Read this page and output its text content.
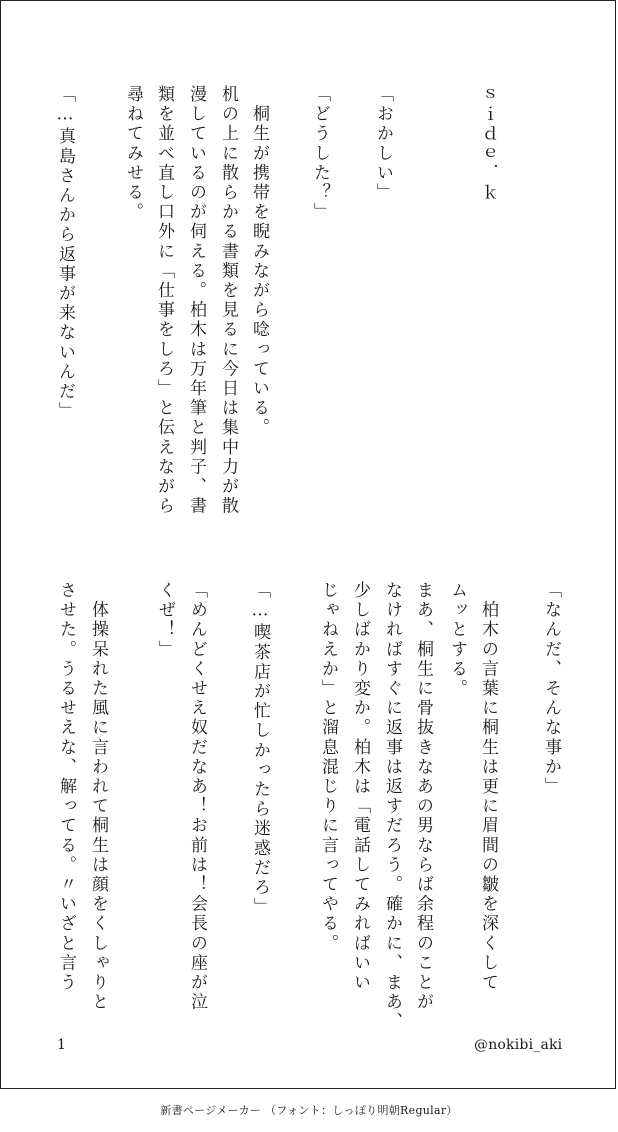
ｓｉｄｅ．ｋ
「おかしい」
「どうした？」
　桐生が携帯を睨みながら唸っている。
机の上に散らかる書類を見るに今日は集中力が散
漫しているのが伺える。柏木は万年筆と判子、書
類を並べ直し口外に「仕事をしろ」と伝えながら
尋ねてみせる。
「…真島さんから返事が来ないんだ」
「なんだ、そんな事か」
　柏木の言葉に桐生は更に眉間の皺を深くして
ムッとする。
まあ、桐生に骨抜きなあの男ならば余程のことが
なければすぐに返事は返すだろう。確かに、まあ、
少しばかり変か。柏木は「電話してみればいい
じゃねえか」と溜息混じりに言ってやる。
「…喫茶店が忙しかったら迷惑だろ」
「めんどくせえ奴だなあ！お前は！会長の座が泣
くぜ！」
　体操呆れた風に言われて桐生は顔をくしゃりと
させた。うるせえな、解ってる。〃いざと言う
1	@nokibi_aki
新書ページメーカー （フォント：しっぽり明朝Regular）
